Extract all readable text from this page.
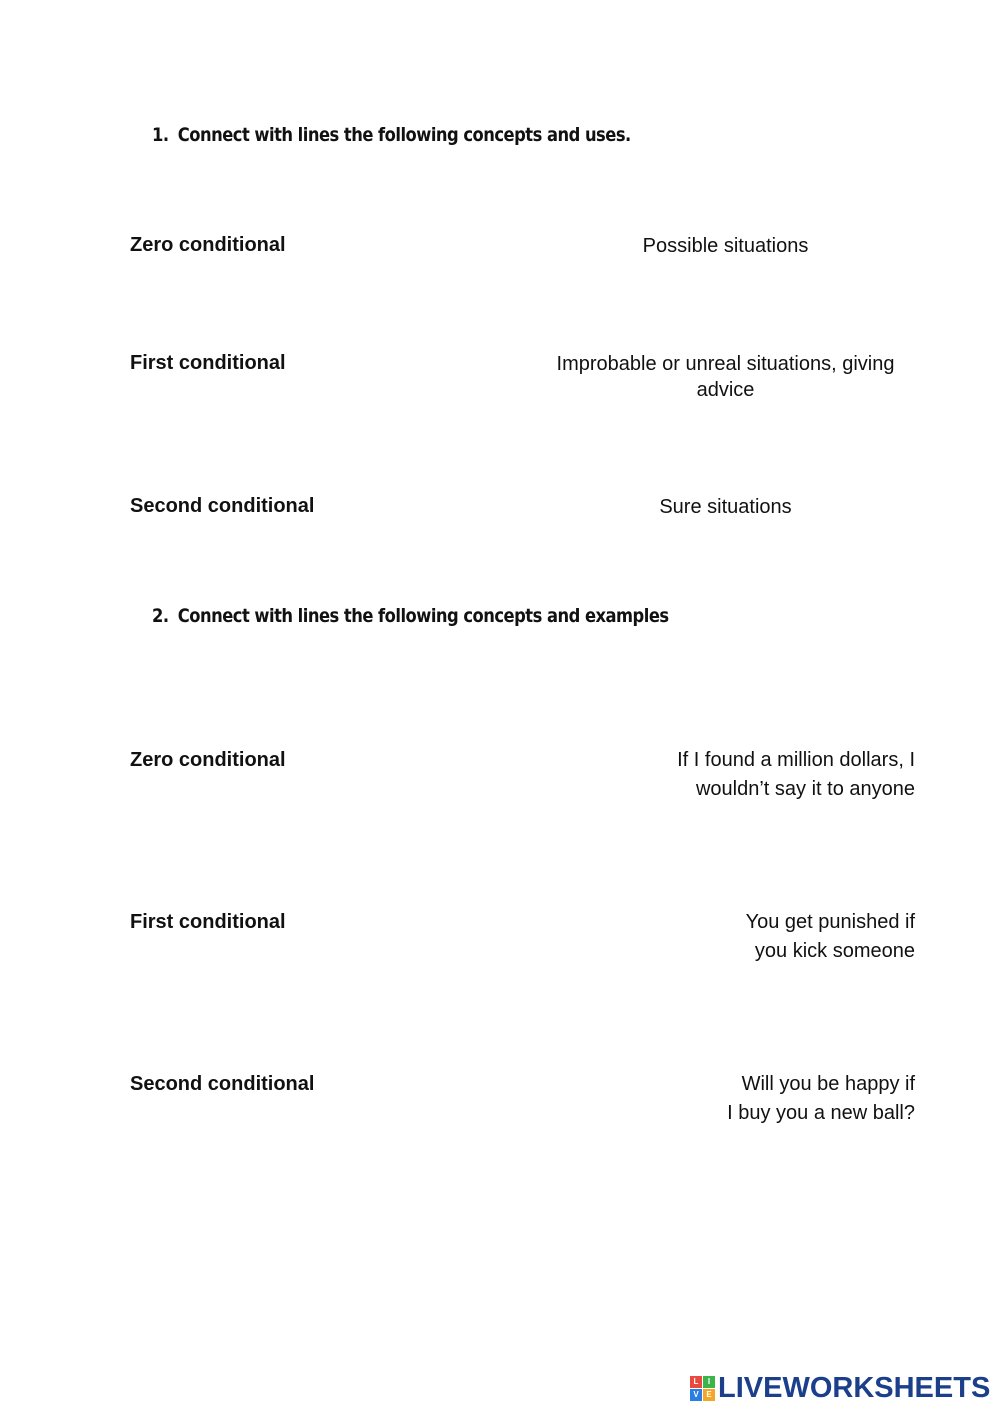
1. Connect with lines the following concepts and uses.
Zero conditional
First conditional
Second conditional
Possible situations
Improbable or unreal situations, giving
advice
Sure situations
2. Connect with lines the following concepts and examples
Zero conditional
First conditional
Second conditional
If I found a million dollars, I
wouldn’t say it to anyone
You get punished if
you kick someone
Will you be happy if
I buy you a new ball?
L	I
V E LIVEWORKSHEETS
